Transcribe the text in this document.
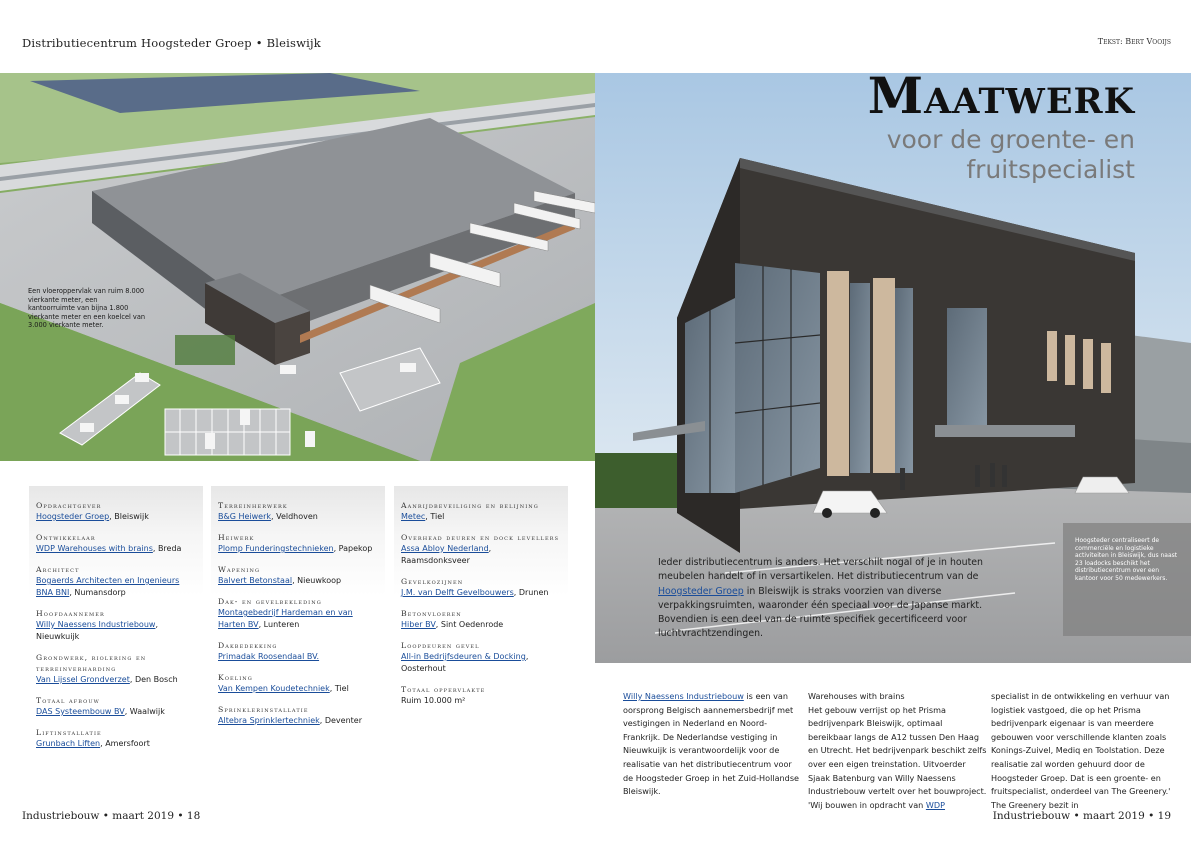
Distributiecentrum Hoogsteder Groep • Bleiswijk	Tekst: Bert Vooijs
Een vloeroppervlak van ruim 8.000 vierkante meter, een kantoorruimte van bijna 1.800 vierkante meter en een koelcel van 3.000 vierkante meter.
Maatwerk
voor de groente- en
fruitspecialist
Hoogsteder centraliseert de commerciële en logistieke activiteiten in Bleiswijk, dus naast 23 loadocks beschikt het distributiecentrum over een kantoor voor 50 medewerkers.
Ieder distributiecentrum is anders. Het verschilt nogal of je in houten meubelen handelt of in versartikelen. Het distributiecentrum van de Hoogsteder Groep in Bleiswijk is straks voorzien van diverse verpakkingsruimten, waaronder één speciaal voor de Japanse markt. Bovendien is een deel van de ruimte specifiek gecertificeerd voor luchtvrachtzendingen.
Opdrachtgever
Hoogsteder Groep, Bleiswijk
Ontwikkelaar
WDP Warehouses with brains, Breda
Architect
Bogaerds Architecten en Ingenieurs BNA BNI, Numansdorp
Hoofdaannemer
Willy Naessens Industriebouw, Nieuwkuijk
Grondwerk, riolering en terreinverharding
Van Lijssel Grondverzet, Den Bosch
Totaal afbouw
DAS Systeembouw BV, Waalwijk
Liftinstallatie
Grunbach Liften, Amersfoort
Terreinherwerk
B&G Heiwerk, Veldhoven
Heiwerk
Plomp Funderingstechnieken, Papekop
Wapening
Balvert Betonstaal, Nieuwkoop
Dak- en gevelbekleding
Montagebedrijf Hardeman en van Harten BV, Lunteren
Dakbedekking
Primadak Roosendaal BV.
Koeling
Van Kempen Koudetechniek, Tiel
Sprinklerinstallatie
Altebra Sprinklertechniek, Deventer
Aanrijdbeveiliging en belijning
Metec, Tiel
Overhead deuren en dock levellers
Assa Abloy Nederland, Raamsdonksveer
Gevelkozijnen
J.M. van Delft Gevelbouwers, Drunen
Betonvloeren
Hiber BV, Sint Oedenrode
Loopdeuren gevel
All-in Bedrijfsdeuren & Docking, Oosterhout
Totaal oppervlakte
Ruim 10.000 m²	Willy Naessens Industriebouw is een van oorsprong Belgisch aannemersbedrijf met vestigingen in Nederland en Noord-Frankrijk. De Nederlandse vestiging in Nieuwkuijk is verantwoordelijk voor de realisatie van het distributiecentrum voor de Hoogsteder Groep in het Zuid-Hollandse Bleiswijk.
Warehouses with brains
Het gebouw verrijst op het Prisma bedrijvenpark Bleiswijk, optimaal bereikbaar langs de A12 tussen Den Haag en Utrecht. Het bedrijvenpark beschikt zelfs over een eigen treinstation. Uitvoerder Sjaak Batenburg van Willy Naessens Industriebouw vertelt over het bouwproject. 'Wij bouwen in opdracht van WDP
specialist in de ontwikkeling en verhuur van logistiek vastgoed, die op het Prisma bedrijvenpark eigenaar is van meerdere gebouwen voor verschillende klanten zoals Konings-Zuivel, Mediq en Toolstation. Deze realisatie zal worden gehuurd door de Hoogsteder Groep. Dat is een groente- en fruitspecialist, onderdeel van The Greenery.' The Greenery bezit in
Industriebouw • maart 2019 • 18	Industriebouw • maart 2019 • 19
